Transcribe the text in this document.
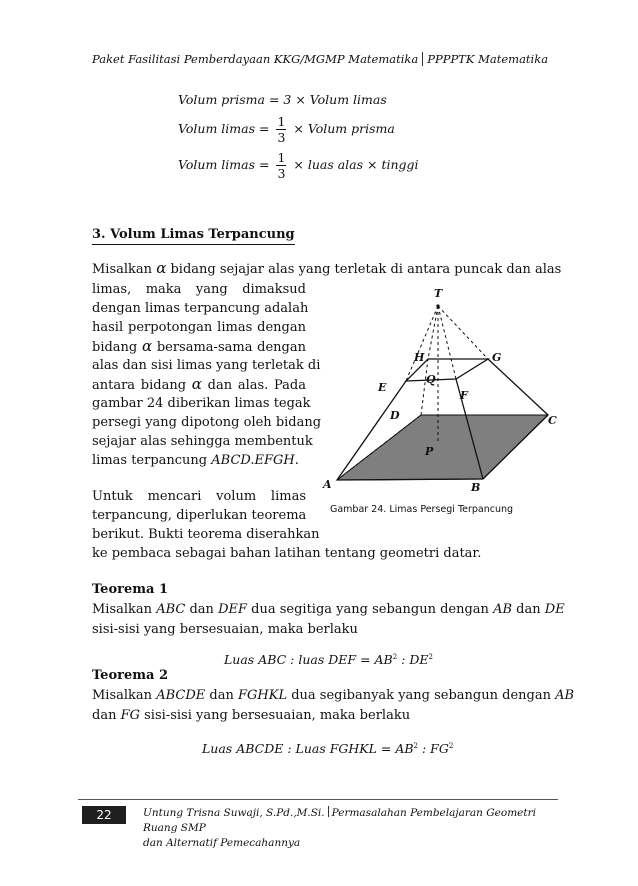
Paket Fasilitasi Pemberdayaan KKG/MGMP Matematika PPPPTK Matematika
Volum prisma = 3 × Volum limas
Volum limas = $\frac{1}{3}$ × Volum prisma
Volum limas = $\frac{1}{3}$ × luas alas × tinggi
3. Volum Limas Terpancung
Misalkan α bidang sejajar alas yang terletak di antara puncak dan alas
limas, maka yang dimaksud
dengan limas terpancung adalah
hasil perpotongan limas dengan
bidang α bersama-sama dengan
alas dan sisi limas yang terletak di
antara bidang α dan alas. Pada
gambar 24 diberikan limas tegak
persegi yang dipotong oleh bidang
sejajar alas sehingga membentuk
limas terpancung ABCD.EFGH.
Untuk mencari volum limas
terpancung, diperlukan teorema
berikut. Bukti teorema diserahkan
ke pembaca sebagai bahan latihan tentang geometri datar.
T
H	G
Q
E
F
D	C
P
A	B
Gambar 24. Limas Persegi Terpancung
Teorema 1
Misalkan ABC dan DEF dua segitiga yang sebangun dengan AB dan DE
sisi-sisi yang bersesuaian, maka berlaku
Luas ABC : luas DEF = $AB^2$ : $DE^2$
Teorema 2
Misalkan ABCDE dan FGHKL dua segibanyak yang sebangun dengan AB
dan FG sisi-sisi yang bersesuaian, maka berlaku
Luas ABCDE : Luas FGHKL = $AB^2$ : $FG^2$
22	Untung Trisna Suwaji, S.Pd.,M.Si. Permasalahan Pembelajaran Geometri Ruang SMP
dan Alternatif Pemecahannya
